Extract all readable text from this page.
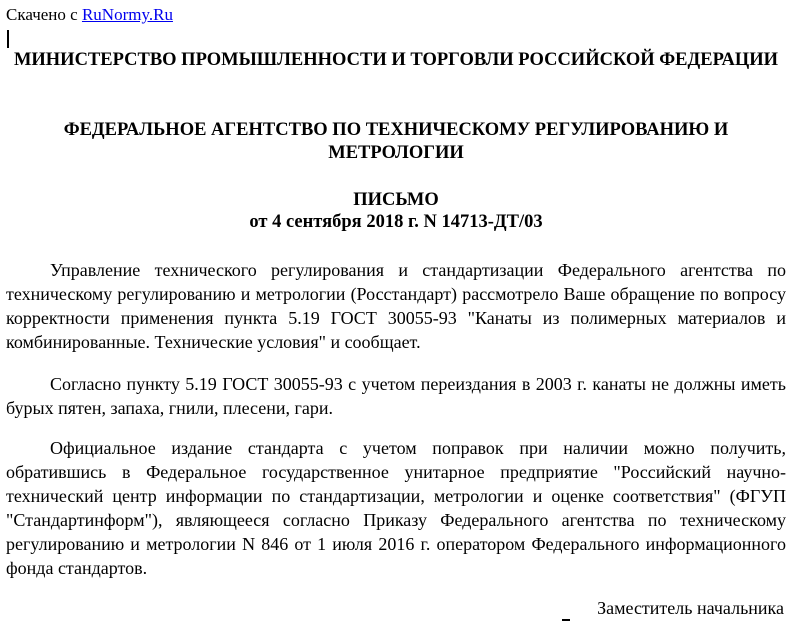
Скачено с RuNormy.Ru
МИНИСТЕРСТВО ПРОМЫШЛЕННОСТИ И ТОРГОВЛИ РОССИЙСКОЙ ФЕДЕРАЦИИ
ФЕДЕРАЛЬНОЕ АГЕНТСТВО ПО ТЕХНИЧЕСКОМУ РЕГУЛИРОВАНИЮ И МЕТРОЛОГИИ
ПИСЬМО
от 4 сентября 2018 г. N 14713-ДТ/03

Управление технического регулирования и стандартизации Федерального агентства по техническому регулированию и метрологии (Росстандарт) рассмотрело Ваше обращение по вопросу корректности применения пункта 5.19 ГОСТ 30055-93 "Канаты из полимерных материалов и комбинированные. Технические условия" и сообщает.

Согласно пункту 5.19 ГОСТ 30055-93 с учетом переиздания в 2003 г. канаты не должны иметь бурых пятен, запаха, гнили, плесени, гари.

Официальное издание стандарта с учетом поправок при наличии можно получить, обратившись в Федеральное государственное унитарное предприятие "Российский научно-технический центр информации по стандартизации, метрологии и оценке соответствия" (ФГУП "Стандартинформ"), являющееся согласно Приказу Федерального агентства по техническому регулированию и метрологии N 846 от 1 июля 2016 г. оператором Федерального информационного фонда стандартов.

Заместитель начальника
